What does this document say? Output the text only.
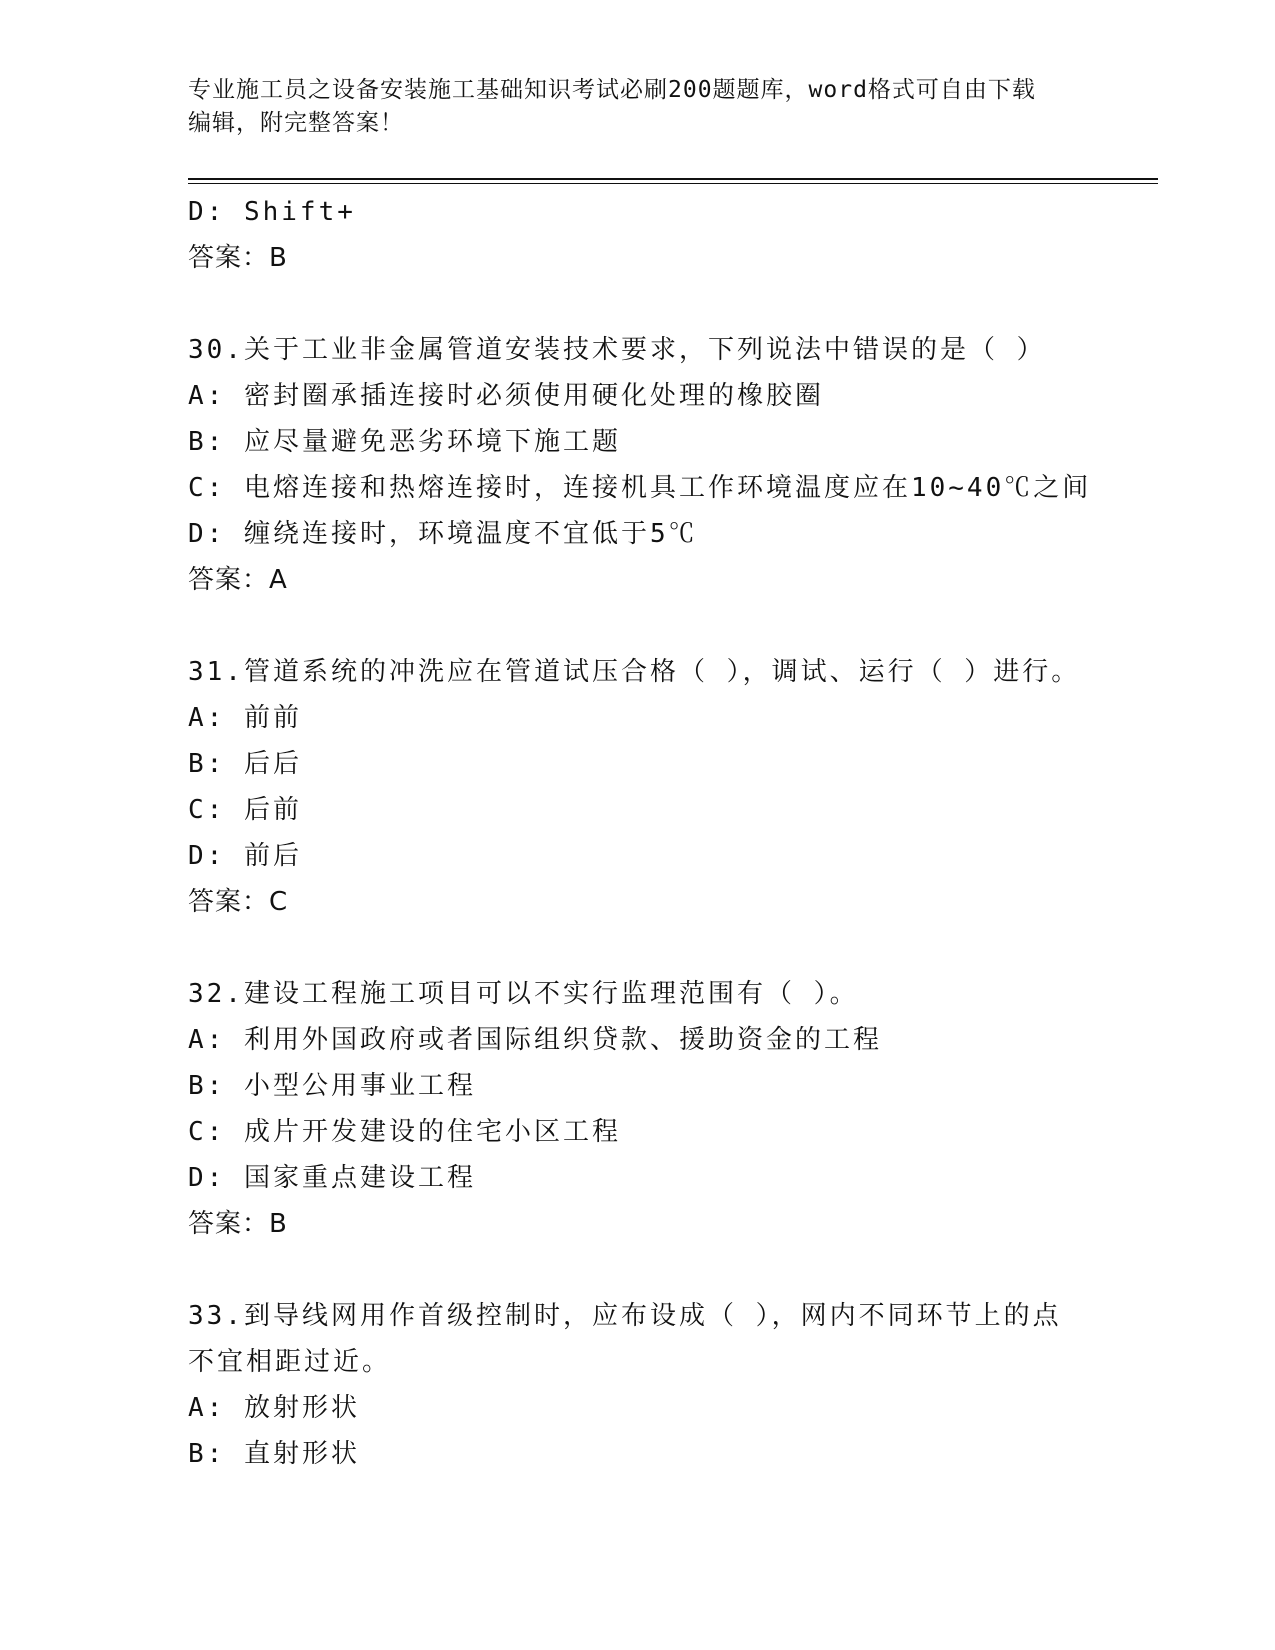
专业施工员之设备安装施工基础知识考试必刷200题题库，word格式可自由下载
编辑，附完整答案！
D: Shift+
答案：B
30.关于工业非金属管道安装技术要求，下列说法中错误的是（ ）
A: 密封圈承插连接时必须使用硬化处理的橡胶圈
B: 应尽量避免恶劣环境下施工题
C: 电熔连接和热熔连接时，连接机具工作环境温度应在10~40℃之间
D: 缠绕连接时，环境温度不宜低于5℃
答案：A
31.管道系统的冲洗应在管道试压合格（ ），调试、运行（ ）进行。
A: 前前
B: 后后
C: 后前
D: 前后
答案：C
32.建设工程施工项目可以不实行监理范围有（ ）。
A: 利用外国政府或者国际组织贷款、援助资金的工程
B: 小型公用事业工程
C: 成片开发建设的住宅小区工程
D: 国家重点建设工程
答案：B
33.到导线网用作首级控制时，应布设成（ ），网内不同环节上的点
不宜相距过近。
A: 放射形状
B: 直射形状
